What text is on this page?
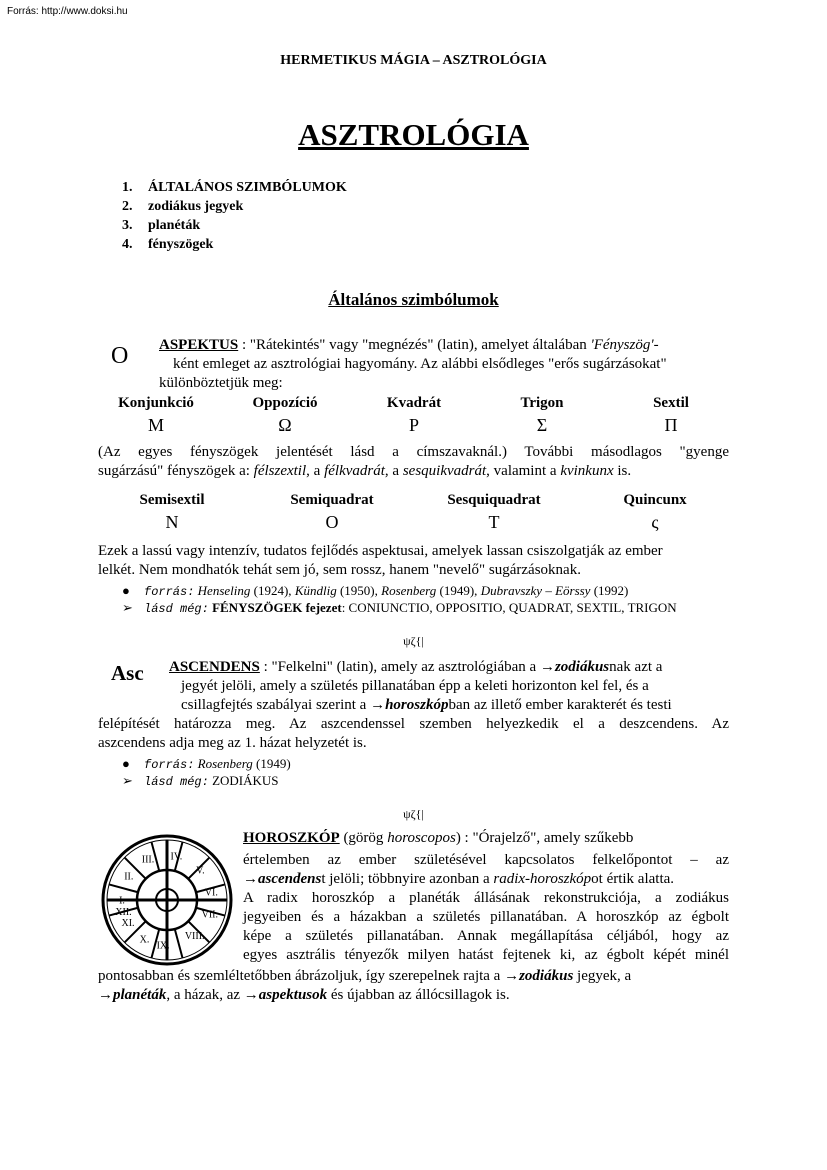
Forrás: http://www.doksi.hu
HERMETIKUS MÁGIA – ASZTROLÓGIA
ASZTROLÓGIA
1. ÁLTALÁNOS SZIMBÓLUMOK
2. zodiákus jegyek
3. planéták
4. fényszögek
Általános szimbólumok
O ASPEKTUS : "Rátekintés" vagy "megnézés" (latin), amelyet általában 'Fényszög'-
ként emleget az asztrológiai hagyomány. Az alábbi elsődleges "erős sugárzásokat"
különböztetjük meg:
Konjunkció
Μ
Oppozíció
Ω
Kvadrát
Ρ
Trigon
Σ
Sextil
Π
(Az egyes fényszögek jelentését lásd a címszavaknál.) További másodlagos "gyenge
sugárzású" fényszögek a: félszextil, a félkvadrát, a sesquikvadrát, valamint a kvinkunx is.
Semisextil
Ν
Semiquadrat
Ο
Sesquiquadrat
Τ
Quincunx
ς
Ezek a lassú vagy intenzív, tudatos fejlődés aspektusai, amelyek lassan csiszolgatják az ember
lelkét. Nem mondhatók tehát sem jó, sem rossz, hanem "nevelő" sugárzásoknak.
● forrás: Henseling (1924), Kündlig (1950), Rosenberg (1949), Dubravszky – Eörssy (1992)
➢ lásd még: FÉNYSZÖGEK fejezet: CONIUNCTIO, OPPOSITIO, QUADRAT, SEXTIL, TRIGON
ψζ{|
Asc ASCENDENS : "Felkelni" (latin), amely az asztrológiában a →zodiákusnak azt a
jegyét jelöli, amely a születés pillanatában épp a keleti horizonton kel fel, és a
csillagfejtés szabályai szerint a →horoszkópban az illető ember karakterét és testi
felépítését határozza meg. Az aszcendenssel szemben helyezkedik el a deszcendens. Az
aszcendens adja meg az 1. házat helyzetét is.
● forrás: Rosenberg (1949)
➢ lásd még: ZODIÁKUS
ψζ{|
I.
II.
III. IV.
V.
VI.
VII.
VIII.
IX.
X.
XI.
XII.
HOROSZKÓP (görög horoscopos) : "Órajelző", amely szűkebb
értelemben az ember születésével kapcsolatos felkelőpontot – az
→ascendenst jelöli; többnyire azonban a radix-horoszkópot értik alatta.
A radix horoszkóp a planéták állásának rekonstrukciója, a zodiákus
jegyeiben és a házakban a születés pillanatában. A horoszkóp az égbolt
képe a születés pillanatában. Annak megállapítása céljából, hogy az
egyes asztrális tényezők milyen hatást fejtenek ki, az égbolt képét minél
pontosabban és szemléltetőbben ábrázoljuk, így szerepelnek rajta a →zodiákus jegyek, a
→planéták, a házak, az →aspektusok és újabban az állócsillagok is.
